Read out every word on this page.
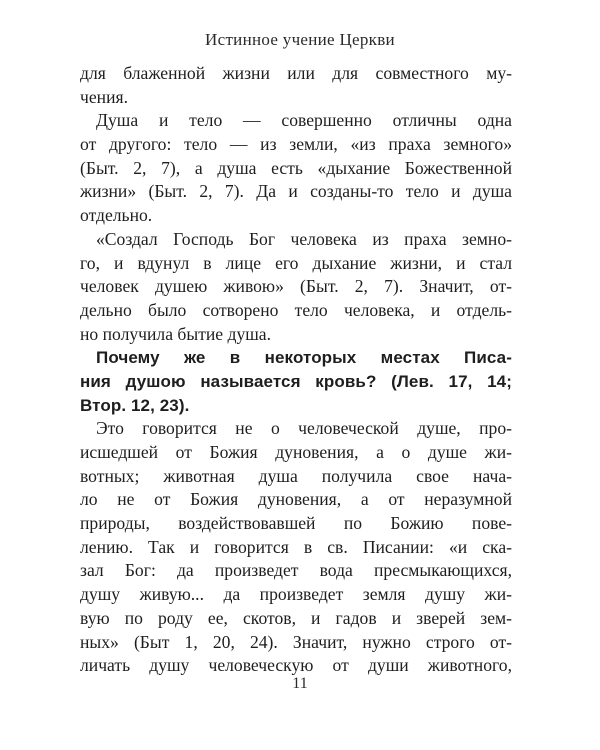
Истинное учение Церкви
для блаженной жизни или для совместного му-
чения.
Душа и тело — совершенно отличны одна
от другого: тело — из земли, «из праха земного»
(Быт. 2, 7), а душа есть «дыхание Божественной
жизни» (Быт. 2, 7). Да и созданы-то тело и душа
отдельно.
«Создал Господь Бог человека из праха земно-
го, и вдунул в лице его дыхание жизни, и стал
человек душею живою» (Быт. 2, 7). Значит, от-
дельно было сотворено тело человека, и отдель-
но получила бытие душа.
Почему же в некоторых местах Писа-
ния душою называется кровь? (Лев. 17, 14;
Втор. 12, 23).
Это говорится не о человеческой душе, про-
исшедшей от Божия дуновения, а о душе жи-
вотных; животная душа получила свое нача-
ло не от Божия дуновения, а от неразумной
природы, воздействовавшей по Божию пове-
лению. Так и говорится в св. Писании: «и ска-
зал Бог: да произведет вода пресмыкающихся,
душу живую... да произведет земля душу жи-
вую по роду ее, скотов, и гадов и зверей зем-
ных» (Быт 1, 20, 24). Значит, нужно строго от-
личать душу человеческую от души животного,
11
